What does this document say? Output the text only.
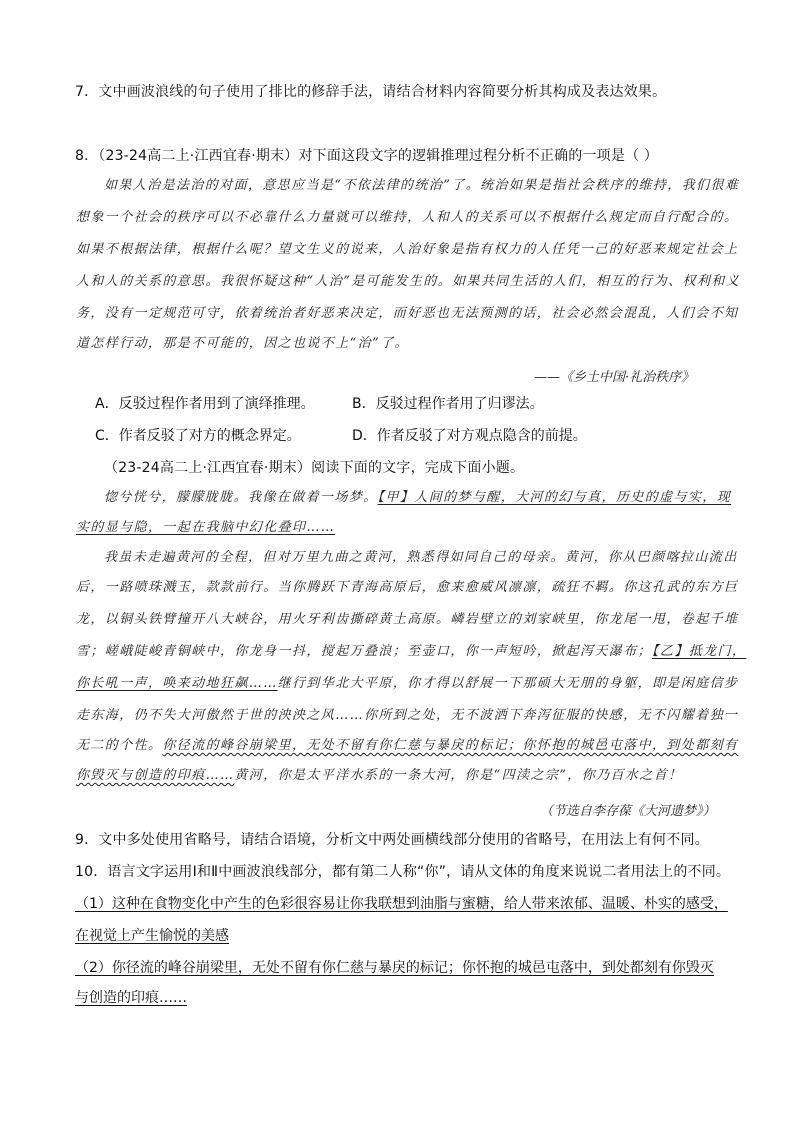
7．文中画波浪线的句子使用了排比的修辞手法，请结合材料内容简要分析其构成及表达效果。
8．（23-24高二上·江西宜春·期末）对下面这段文字的逻辑推理过程分析不正确的一项是（ ）
如果人治是法治的对面，意思应当是“不依法律的统治”了。统治如果是指社会秩序的维持，我们很难
想象一个社会的秩序可以不必靠什么力量就可以维持，人和人的关系可以不根据什么规定而自行配合的。
如果不根据法律，根据什么呢？望文生义的说来，人治好象是指有权力的人任凭一己的好恶来规定社会上
人和人的关系的意思。我很怀疑这种“人治”是可能发生的。如果共同生活的人们，相互的行为、权利和义
务，没有一定规范可守，依着统治者好恶来决定，而好恶也无法预测的话，社会必然会混乱，人们会不知
道怎样行动，那是不可能的，因之也说不上“治”了。
——《乡土中国·礼治秩序》
A．反驳过程作者用到了演绎推理。	B．反驳过程作者用了归谬法。
C．作者反驳了对方的概念界定。	D．作者反驳了对方观点隐含的前提。
（23-24高二上·江西宜春·期末）阅读下面的文字，完成下面小题。
惚兮恍兮，朦朦胧胧。我像在做着一场梦。【甲】人间的梦与醒，大河的幻与真，历史的虚与实，现
实的显与隐，一起在我脑中幻化叠印……
我虽未走遍黄河的全程，但对万里九曲之黄河，熟悉得如同自己的母亲。黄河，你从巴颜喀拉山流出
后，一路喷珠溅玉，款款前行。当你腾跃下青海高原后，愈来愈威风凛凛，疏狂不羁。你这孔武的东方巨
龙，以铜头铁臂撞开八大峡谷，用火牙利齿撕碎黄土高原。嶙岩壁立的刘家峡里，你龙尾一甩，卷起千堆
雪；嵯峨陡峻青铜峡中，你龙身一抖，搅起万叠浪；至壶口，你一声短吟，掀起泻天瀑布；【乙】抵龙门，
你长吼一声，唤来动地狂飙……继行到华北大平原，你才得以舒展一下那硕大无朋的身躯，即是闲庭信步
走东海，仍不失大河傲然于世的泱泱之风……你所到之处，无不波洒下奔泻征服的快感，无不闪耀着独一
无二的个性。你径流的峰谷崩梁里，无处不留有你仁慈与暴戾的标记；你怀抱的城邑屯落中，到处都刻有
你毁灭与创造的印痕……黄河，你是太平洋水系的一条大河，你是“四渎之宗”，你乃百水之首！
（节选自李存葆《大河遗梦》）
9．文中多处使用省略号，请结合语境，分析文中两处画横线部分使用的省略号，在用法上有何不同。
10．语言文字运用Ⅰ和Ⅱ中画波浪线部分，都有第二人称“你”，请从文体的角度来说说二者用法上的不同。
（1）这种在食物变化中产生的色彩很容易让你我联想到油脂与蜜糖，给人带来浓郁、温暖、朴实的感受，
在视觉上产生愉悦的美感
（2）你径流的峰谷崩梁里，无处不留有你仁慈与暴戾的标记；你怀抱的城邑屯落中，到处都刻有你毁灭
与创造的印痕……
